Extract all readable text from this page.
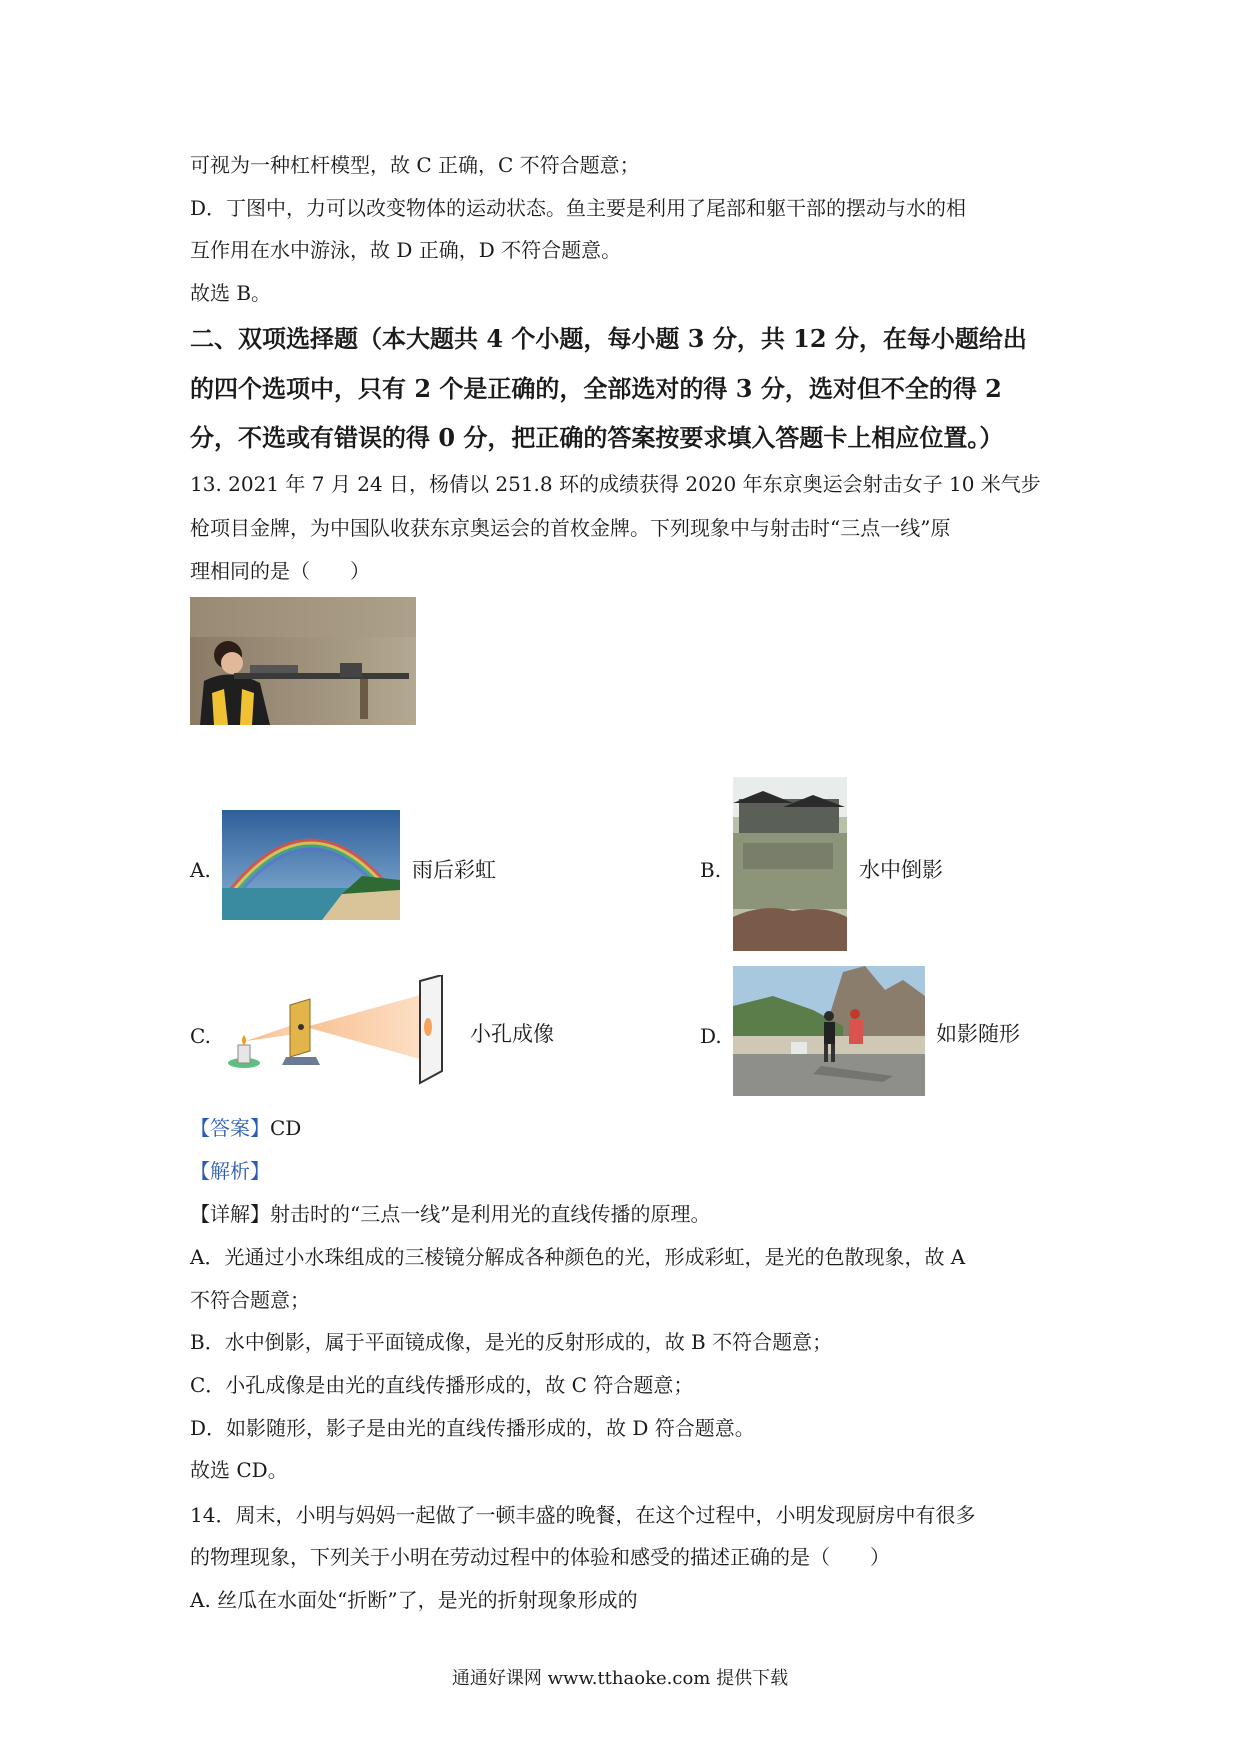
可视为一种杠杆模型，故 C 正确，C 不符合题意；
D．丁图中，力可以改变物体的运动状态。鱼主要是利用了尾部和躯干部的摆动与水的相
互作用在水中游泳，故 D 正确，D 不符合题意。
故选 B。
二、双项选择题（本大题共 4 个小题，每小题 3 分，共 12 分，在每小题给出
的四个选项中，只有 2 个是正确的，全部选对的得 3 分，选对但不全的得 2
分，不选或有错误的得 0 分，把正确的答案按要求填入答题卡上相应位置。）
13. 2021 年 7 月 24 日，杨倩以 251.8 环的成绩获得 2020 年东京奥运会射击女子 10 米气步
枪项目金牌，为中国队收获东京奥运会的首枚金牌。下列现象中与射击时“三点一线”原
理相同的是（　　）
A.	雨后彩虹	B.	水中倒影
C.	小孔成像	D.	如影随形
【答案】CD
【解析】
【详解】射击时的“三点一线”是利用光的直线传播的原理。
A．光通过小水珠组成的三棱镜分解成各种颜色的光，形成彩虹，是光的色散现象，故 A
不符合题意；
B．水中倒影，属于平面镜成像，是光的反射形成的，故 B 不符合题意；
C．小孔成像是由光的直线传播形成的，故 C 符合题意；
D．如影随形，影子是由光的直线传播形成的，故 D 符合题意。
故选 CD。
14．周末，小明与妈妈一起做了一顿丰盛的晚餐，在这个过程中，小明发现厨房中有很多
的物理现象，下列关于小明在劳动过程中的体验和感受的描述正确的是（　　）
A. 丝瓜在水面处“折断”了，是光的折射现象形成的
通通好课网 www.tthaoke.com 提供下载
